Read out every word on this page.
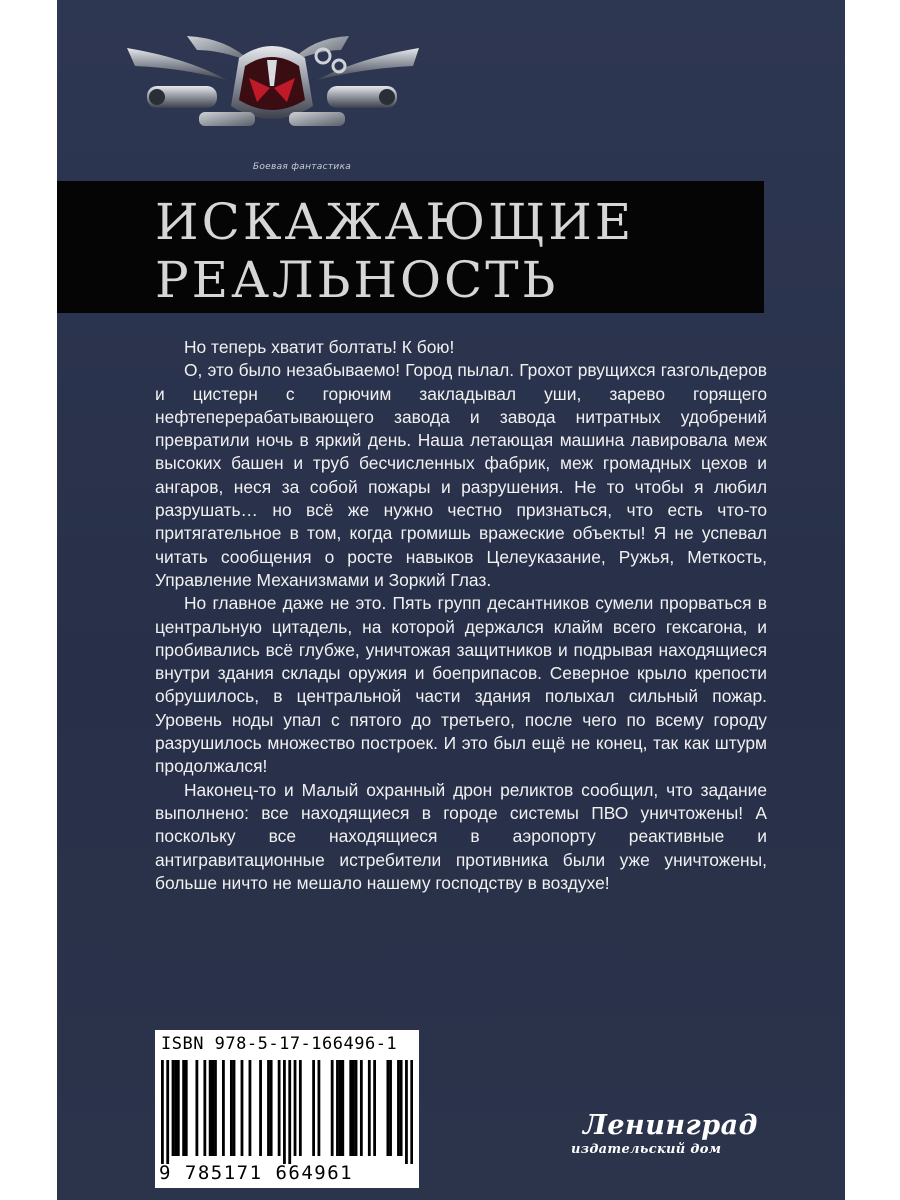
Боевая фантастика
ИСКАЖАЮЩИЕ
РЕАЛЬНОСТЬ

Но теперь хватит болтать! К бою!

О, это было незабываемо! Город пылал. Грохот рвущихся газгольдеров и цистерн с горючим закладывал уши, зарево горящего нефтеперерабатывающего завода и завода нитратных удобрений превратили ночь в яркий день. Наша летающая машина лавировала меж высоких башен и труб бесчисленных фабрик, меж громадных цехов и ангаров, неся за собой пожары и разрушения. Не то чтобы я любил разрушать… но всё же нужно честно признаться, что есть что-то притягательное в том, когда громишь вражеские объекты! Я не успевал читать сообщения о росте навыков Целеуказание, Ружья, Меткость, Управление Механизмами и Зоркий Глаз.

Но главное даже не это. Пять групп десантников сумели прорваться в центральную цитадель, на которой держался клайм всего гексагона, и пробивались всё глубже, уничтожая защитников и подрывая находящиеся внутри здания склады оружия и боеприпасов. Северное крыло крепости обрушилось, в центральной части здания полыхал сильный пожар. Уровень ноды упал с пятого до третьего, после чего по всему городу разрушилось множество построек. И это был ещё не конец, так как штурм продолжался!

Наконец-то и Малый охранный дрон реликтов сообщил, что задание выполнено: все находящиеся в городе системы ПВО уничтожены! А поскольку все находящиеся в аэропорту реактивные и антигравитационные истребители противника были уже уничтожены, больше ничто не мешало нашему господству в воздухе!

ISBN 978-5-17-166496-1
9 785171 664961
Ленинград
издательский дом
